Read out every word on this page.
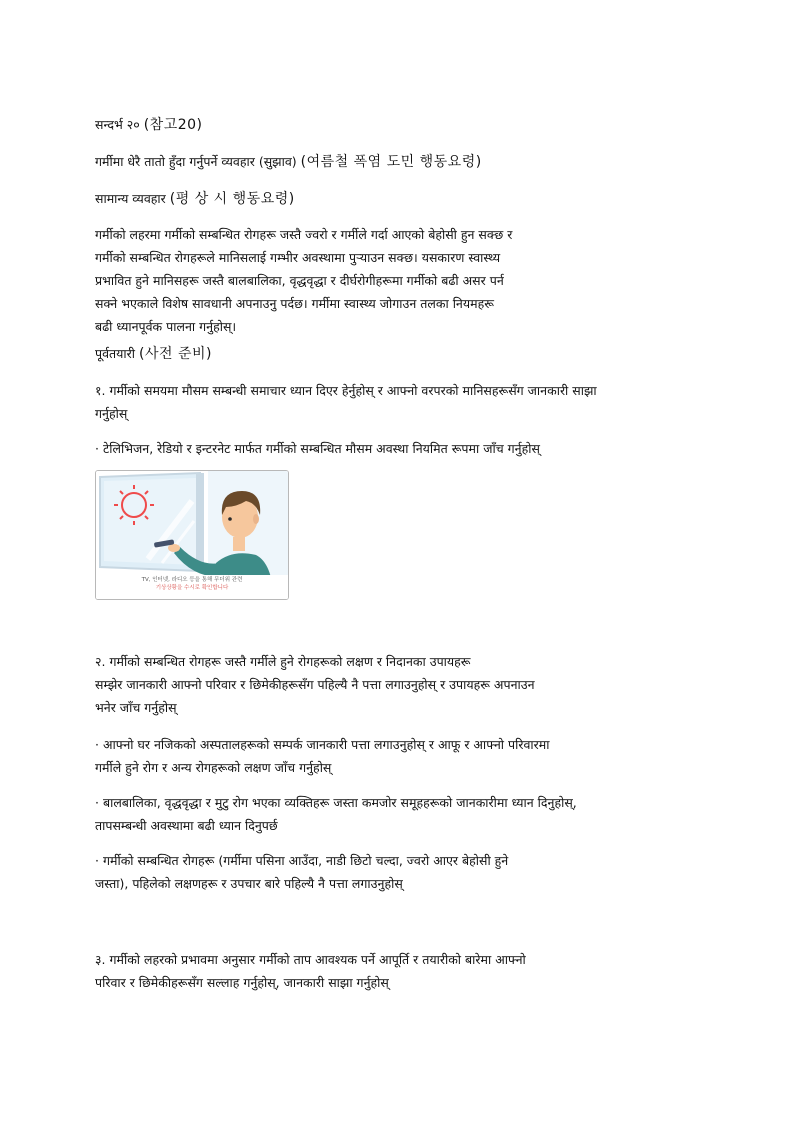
सन्दर्भ २० (참고20)
गर्मीमा धेरै तातो हुँदा गर्नुपर्ने व्यवहार (सुझाव) (여름철 폭염 도민 행동요령)
सामान्य व्यवहार (평 상 시 행동요령)
गर्मीको लहरमा गर्मीको सम्बन्धित रोगहरू जस्तै ज्वरो र गर्मीले गर्दा आएको बेहोसी हुन सक्छ र
गर्मीको सम्बन्धित रोगहरूले मानिसलाई गम्भीर अवस्थामा पुर्‍याउन सक्छ। यसकारण स्वास्थ्य
प्रभावित हुने मानिसहरू जस्तै बालबालिका, वृद्धवृद्धा र दीर्घरोगीहरूमा गर्मीको बढी असर पर्न
सक्ने भएकाले विशेष सावधानी अपनाउनु पर्दछ। गर्मीमा स्वास्थ्य जोगाउन तलका नियमहरू
बढी ध्यानपूर्वक पालना गर्नुहोस्।
पूर्वतयारी (사전 준비)
१. गर्मीको समयमा मौसम सम्बन्धी समाचार ध्यान दिएर हेर्नुहोस् र आफ्नो वरपरको मानिसहरूसँग जानकारी साझा
गर्नुहोस्
· टेलिभिजन, रेडियो र इन्टरनेट मार्फत गर्मीको सम्बन्धित मौसम अवस्था नियमित रूपमा जाँच गर्नुहोस्
TV, 인터넷, 라디오 등을 통해 무더위 관련
기상상황을 수시로 확인합니다
२. गर्मीको सम्बन्धित रोगहरू जस्तै गर्मीले हुने रोगहरूको लक्षण र निदानका उपायहरू
सम्झेर जानकारी आफ्नो परिवार र छिमेकीहरूसँग पहिल्यै नै पत्ता लगाउनुहोस् र उपायहरू अपनाउन
भनेर जाँच गर्नुहोस्
· आफ्नो घर नजिकको अस्पतालहरूको सम्पर्क जानकारी पत्ता लगाउनुहोस् र आफू र आफ्नो परिवारमा
गर्मीले हुने रोग र अन्य रोगहरूको लक्षण जाँच गर्नुहोस्
· बालबालिका, वृद्धवृद्धा र मुटु रोग भएका व्यक्तिहरू जस्ता कमजोर समूहहरूको जानकारीमा ध्यान दिनुहोस्,
तापसम्बन्धी अवस्थामा बढी ध्यान दिनुपर्छ
· गर्मीको सम्बन्धित रोगहरू (गर्मीमा पसिना आउँदा, नाडी छिटो चल्दा, ज्वरो आएर बेहोसी हुने
जस्ता), पहिलेको लक्षणहरू र उपचार बारे पहिल्यै नै पत्ता लगाउनुहोस्
३. गर्मीको लहरको प्रभावमा अनुसार गर्मीको ताप आवश्यक पर्ने आपूर्ति र तयारीको बारेमा आफ्नो
परिवार र छिमेकीहरूसँग सल्लाह गर्नुहोस्, जानकारी साझा गर्नुहोस्
